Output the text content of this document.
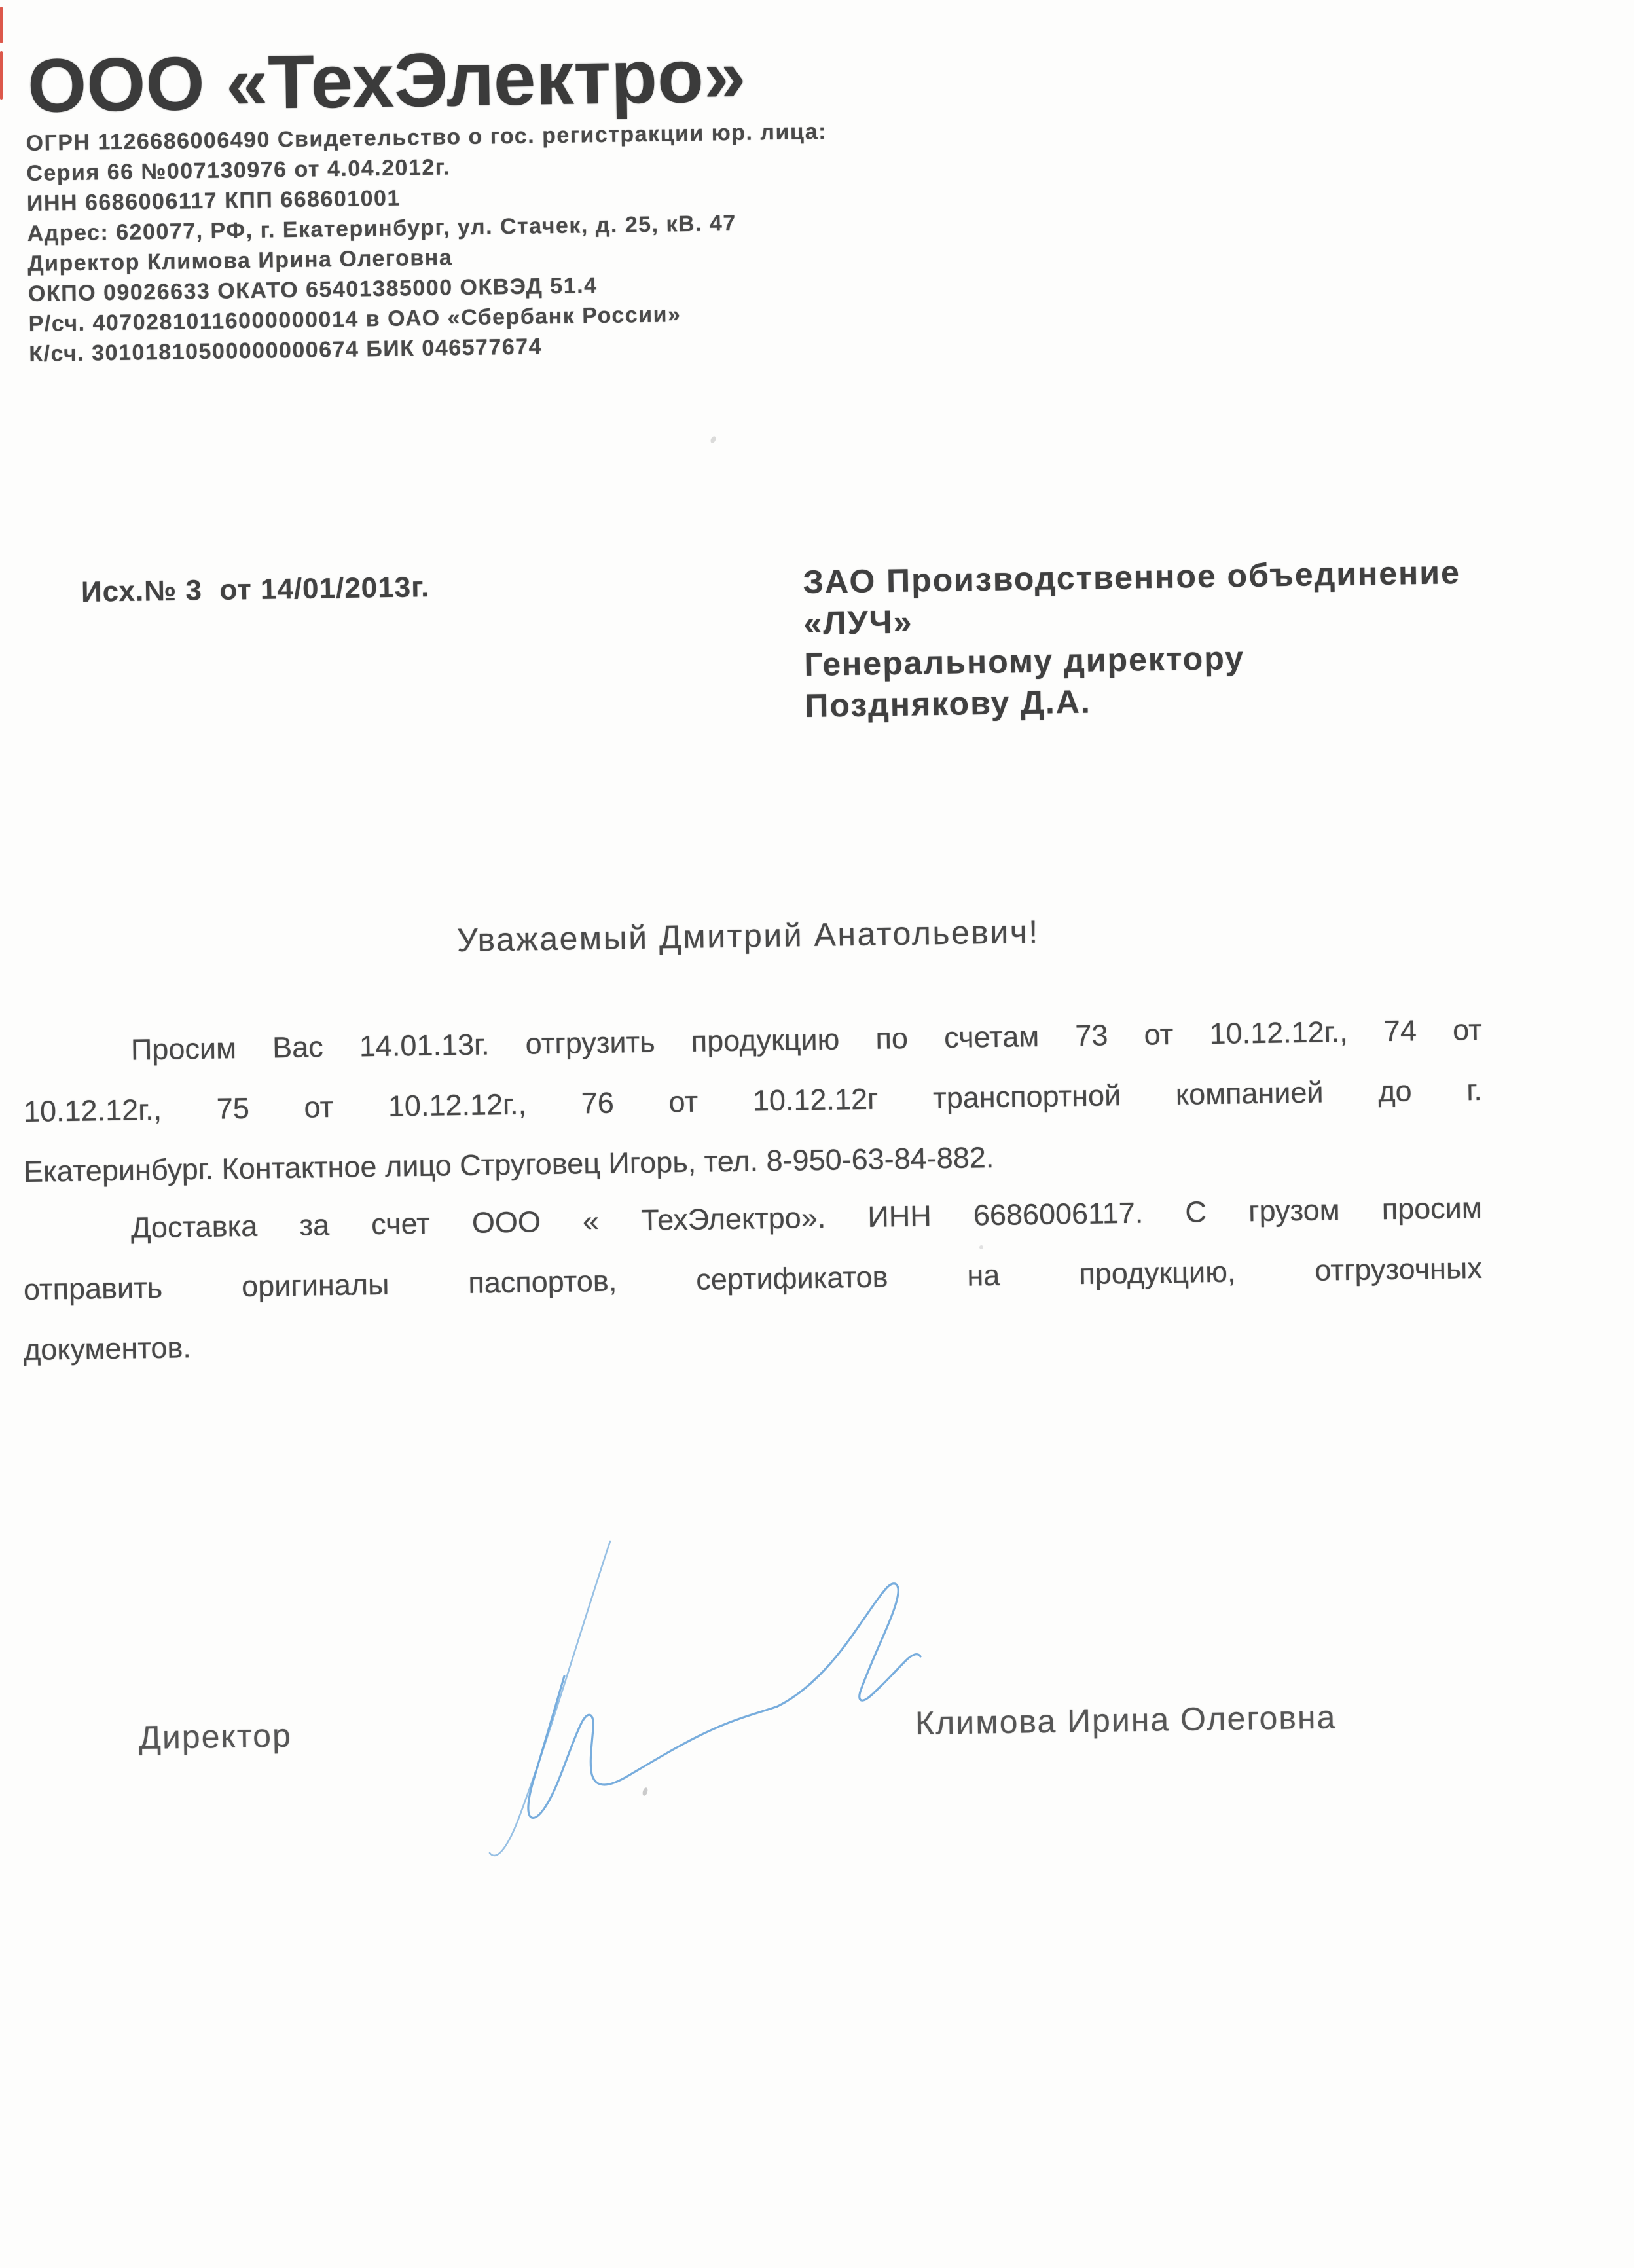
ООО «ТехЭлектро»
ОГРН 1126686006490 Свидетельство о гос. регистракции юр. лица:
Серия 66 №007130976 от 4.04.2012г.
ИНН 6686006117 КПП 668601001
Адрес: 620077, РФ, г. Екатеринбург, ул. Стачек, д. 25, кВ. 47
Директор Климова Ирина Олеговна
ОКПО 09026633 ОКАТО 65401385000 ОКВЭД 51.4
Р/сч. 40702810116000000014 в ОАО «Сбербанк России»
К/сч. 30101810500000000674 БИК 046577674
Исх.№ 3  от 14/01/2013г.	ЗАО Производственное объединение
«ЛУЧ»
Генеральному директору
Позднякову Д.А.
Уважаемый Дмитрий Анатольевич!
Просим Вас 14.01.13г. отгрузить продукцию по счетам 73 от 10.12.12г., 74 от
10.12.12г., 75 от 10.12.12г., 76 от 10.12.12г транспортной компанией до г.
Екатеринбург. Контактное лицо Струговец Игорь, тел. 8-950-63-84-882.
Доставка за счет ООО « ТехЭлектро». ИНН 6686006117. С грузом просим
отправить оригиналы паспортов, сертификатов на продукцию, отгрузочных
документов.
Директор	Климова Ирина Олеговна
